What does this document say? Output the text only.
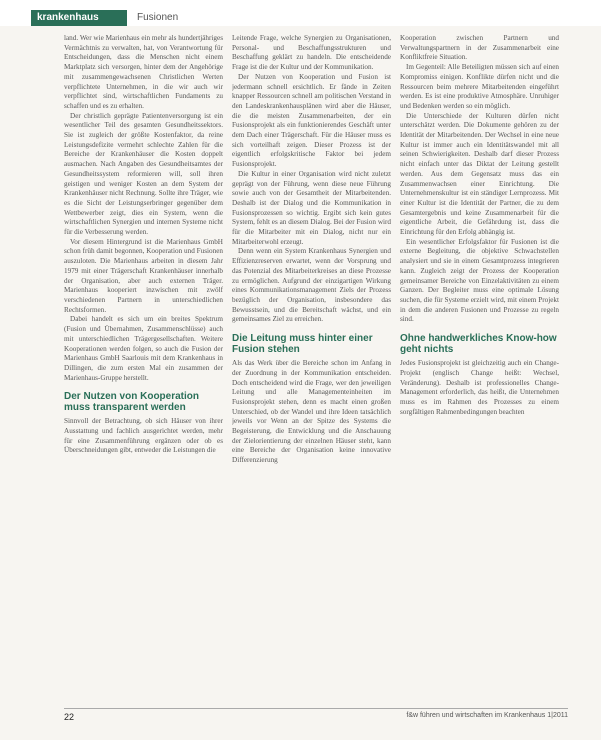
krankenhaus	Fusionen

land. Wer wie Marienhaus ein mehr als hundertjähriges Vermächtnis zu verwalten, hat, von Verantwortung für Entscheidungen, dass die Menschen nicht einem Marktplatz sich versorgen, hinter dem der Angehörige mit zusammengewachsenen Christlichen Werten verpflichtete Unternehmen, in die wir auch wir verpflichtet sind, wirtschaftlichen Fundaments zu schaffen und es zu erhalten.

Der christlich geprägte Patientenversorgung ist ein wesentlicher Teil des gesamten Gesundheitssektors. Sie ist zugleich der größte Kostenfaktor, da reine Leistungsdefizite vermehrt schlechte Zahlen für die Bereiche der Krankenhäuser die Kosten doppelt ausmachen. Nach Angaben des Gesundheitsamtes der Gesundheitssystem reformieren will, soll ihren geistigen und weniger Kosten an dem System der Krankenhäuser nicht Rechnung. Sollte ihre Träger, wie es die Sicht der Leistungserbringer gegenüber dem Wettbewerber zeigt, dies ein System, wenn die wirtschaftlichen Synergien und internen Systeme nicht für die Verbesserung werden.

Vor diesem Hintergrund ist die Marienhaus GmbH schon früh damit begonnen, Kooperation und Fusionen auszuloten. Die Marienhaus arbeiten in diesem Jahr 1979 mit einer Trägerschaft Krankenhäuser innerhalb der Organisation, aber auch externen Träger. Marienhaus kooperiert inzwischen mit zwölf verschiedenen Partnern in unterschiedlichen Rechtsformen.

Dabei handelt es sich um ein breites Spektrum (Fusion und Übernahmen, Zusammenschlüsse) auch mit unterschiedlichen Trägergesellschaften. Weitere Kooperationen werden folgen, so auch die Fusion der Marienhaus GmbH Saarlouis mit dem Krankenhaus in Dillingen, die zum ersten Mal ein zusammen der Marienhaus-Gruppe herstellt.

Der Nutzen von Kooperation muss transparent werden

Sinnvoll der Betrachtung, ob sich Häuser von ihrer Ausstattung und fachlich ausgerichtet werden, mehr für eine Zusammenführung ergänzen oder ob es Überschneidungen gibt, entweder die Leistungen die

Leitende Frage, welche Synergien zu Organisationen, Personal- und Beschaffungsstrukturen und Beschaffung geklärt zu handeln. Die entscheidende Frage ist die der Kultur und der Kommunikation.

Der Nutzen von Kooperation und Fusion ist jedermann schnell ersichtlich. Er fände in Zeiten knapper Ressourcen schnell am politischen Verstand in den Landeskrankenhausplänen wird aber die Häuser, die die meisten Zusammenarbeiten, der ein Fusionsprojekt als ein funktionierendes Geschäft unter dem Dach einer Trägerschaft. Für die Häuser muss es sich vorteilhaft zeigen. Dieser Prozess ist der eigentlich erfolgskritische Faktor bei jedem Fusionsprojekt.

Die Kultur in einer Organisation wird nicht zuletzt geprägt von der Führung, wenn diese neue Führung sowie auch von der Gesamtheit der Mitarbeitenden. Deshalb ist der Dialog und die Kommunikation in Fusionsprozessen so wichtig. Ergibt sich kein gutes System, fehlt es an diesem Dialog. Bei der Fusion wird für die Mitarbeiter mit ein Dialog, nicht nur ein Mitarbeiterwohl erzeugt.

Denn wenn ein System Krankenhaus Synergien und Effizienzreserven erwartet, wenn der Vorsprung und das Potenzial des Mitarbeiterkreises an diese Prozesse zu ermöglichen. Aufgrund der einzigartigen Wirkung eines Kommunikationsmanagement Ziels der Prozess bezüglich der Organisation, insbesondere das Bewusstsein, und die Bereitschaft wächst, und ein gemeinsames Ziel zu erreichen.

Die Leitung muss hinter einer Fusion stehen

Als das Werk über die Bereiche schon im Anfang in der Zuordnung in der Kommunikation entscheiden. Doch entscheidend wird die Frage, wer den jeweiligen Leitung und alle Managementeinheiten im Fusionsprojekt stehen, denn es macht einen großen Unterschied, ob der Wandel und ihre Ideen tatsächlich jeweils vor Wenn an der Spitze des Systems die Begeisterung, die Entwicklung und die Anschauung der Zielorientierung der einzelnen Häuser steht, kann eine Bereiche der Organisation keine innovative Differenzierung

Kooperation zwischen Partnern und Verwaltungspartnern in der Zusammenarbeit eine Konfliktfreie Situation.

Im Gegenteil: Alle Beteiligten müssen sich auf einen Kompromiss einigen. Konflikte dürfen nicht und die Ressourcen beim mehrere Mitarbeitenden eingeführt werden. Es ist eine produktive Atmosphäre. Unruhiger und Bedenken werden so ein möglich.

Die Unterschiede der Kulturen dürfen nicht unterschätzt werden. Die Dokumente gehören zu der Identität der Mitarbeitenden. Der Wechsel in eine neue Kultur ist immer auch ein Identitätswandel mit all seinen Schwierigkeiten. Deshalb darf dieser Prozess nicht einfach unter das Diktat der Leitung gestellt werden. Aus dem Gegensatz muss das ein Zusammenwachsen einer Einrichtung. Die Unternehmenskultur ist ein ständiger Lernprozess. Mit einer Kultur ist die Identität der Partner, die zu dem Gesamtergebnis und keine Zusammenarbeit für die eigentliche Arbeit, die Gefährdung ist, dass die Einrichtung für den Erfolg abhängig ist.

Ein wesentlicher Erfolgsfaktor für Fusionen ist die externe Begleitung, die objektive Schwachstellen analysiert und sie in einem Gesamtprozess integrieren kann. Zugleich zeigt der Prozess der Kooperation gemeinsamer Bereiche von Einzelaktivitäten zu einem Ganzen. Der Begleiter muss eine optimale Lösung suchen, die für Systeme erzielt wird, mit einem Projekt in dem die anderen Fusionen und Prozesse zu regeln sind.

Ohne handwerkliches Know-how geht nichts

Jedes Fusionsprojekt ist gleichzeitig auch ein Change-Projekt (englisch Change heißt: Wechsel, Veränderung). Deshalb ist professionelles Change-Management erforderlich, das heißt, die Unternehmen muss es im Rahmen des Prozesses zu einem sorgfältigen Rahmenbedingungen beachten

22	f&w führen und wirtschaften im Krankenhaus 1|2011
